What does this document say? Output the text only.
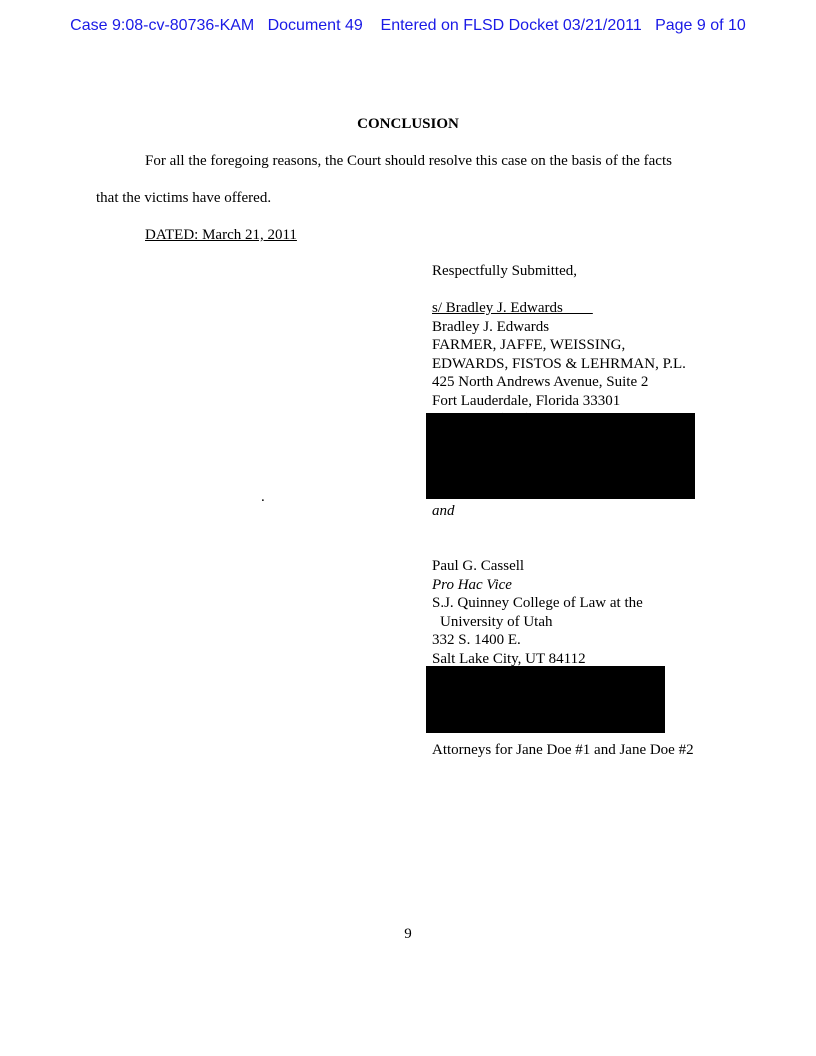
Case 9:08-cv-80736-KAM   Document 49    Entered on FLSD Docket 03/21/2011   Page 9 of 10
CONCLUSION
For all the foregoing reasons, the Court should resolve this case on the basis of the facts
that the victims have offered.
DATED: March 21, 2011
Respectfully Submitted,
s/ Bradley J. Edwards
Bradley J. Edwards
FARMER, JAFFE, WEISSING,
EDWARDS, FISTOS & LEHRMAN, P.L.
425 North Andrews Avenue, Suite 2
Fort Lauderdale, Florida 33301
.
and
Paul G. Cassell
Pro Hac Vice
S.J. Quinney College of Law at the
University of Utah
332 S. 1400 E.
Salt Lake City, UT 84112
Attorneys for Jane Doe #1 and Jane Doe #2
9
